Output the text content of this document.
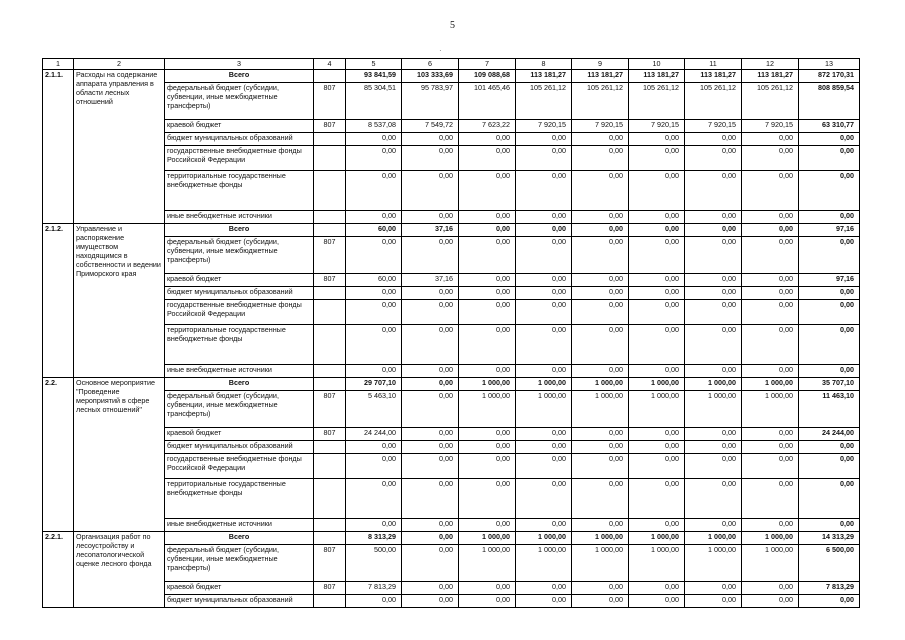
5
·
1	2	3	4	5	6	7	8	9	10	11	12	13
2.1.1.	Расходы на содержание аппарата управления в области лесных отношений	Всего		93 841,59	103 333,69	109 088,68	113 181,27	113 181,27	113 181,27	113 181,27	113 181,27	872 170,31
		федеральный бюджет (субсидии, субвенции, иные межбюджетные трансферты)	807	85 304,51	95 783,97	101 465,46	105 261,12	105 261,12	105 261,12	105 261,12	105 261,12	808 859,54
		краевой бюджет	807	8 537,08	7 549,72	7 623,22	7 920,15	7 920,15	7 920,15	7 920,15	7 920,15	63 310,77
		бюджет муниципальных образований		0,00	0,00	0,00	0,00	0,00	0,00	0,00	0,00	0,00
		государственные внебюджетные фонды Российской Федерации		0,00	0,00	0,00	0,00	0,00	0,00	0,00	0,00	0,00
		территориальные государственные внебюджетные фонды		0,00	0,00	0,00	0,00	0,00	0,00	0,00	0,00	0,00
		иные внебюджетные источники		0,00	0,00	0,00	0,00	0,00	0,00	0,00	0,00	0,00
2.1.2.	Управление и распоряжение имуществом находящимся в собственности и ведении Приморского края	Всего		60,00	37,16	0,00	0,00	0,00	0,00	0,00	0,00	97,16
		федеральный бюджет (субсидии, субвенции, иные межбюджетные трансферты)	807	0,00	0,00	0,00	0,00	0,00	0,00	0,00	0,00	0,00
		краевой бюджет	807	60,00	37,16	0,00	0,00	0,00	0,00	0,00	0,00	97,16
		бюджет муниципальных образований		0,00	0,00	0,00	0,00	0,00	0,00	0,00	0,00	0,00
		государственные внебюджетные фонды Российской Федерации		0,00	0,00	0,00	0,00	0,00	0,00	0,00	0,00	0,00
		территориальные государственные внебюджетные фонды		0,00	0,00	0,00	0,00	0,00	0,00	0,00	0,00	0,00
		иные внебюджетные источники		0,00	0,00	0,00	0,00	0,00	0,00	0,00	0,00	0,00
2.2.	Основное мероприятие "Проведение мероприятий в сфере лесных отношений"	Всего		29 707,10	0,00	1 000,00	1 000,00	1 000,00	1 000,00	1 000,00	1 000,00	35 707,10
		федеральный бюджет (субсидии, субвенции, иные межбюджетные трансферты)	807	5 463,10	0,00	1 000,00	1 000,00	1 000,00	1 000,00	1 000,00	1 000,00	11 463,10
		краевой бюджет	807	24 244,00	0,00	0,00	0,00	0,00	0,00	0,00	0,00	24 244,00
		бюджет муниципальных образований		0,00	0,00	0,00	0,00	0,00	0,00	0,00	0,00	0,00
		государственные внебюджетные фонды Российской Федерации		0,00	0,00	0,00	0,00	0,00	0,00	0,00	0,00	0,00
		территориальные государственные внебюджетные фонды		0,00	0,00	0,00	0,00	0,00	0,00	0,00	0,00	0,00
		иные внебюджетные источники		0,00	0,00	0,00	0,00	0,00	0,00	0,00	0,00	0,00
2.2.1.	Организация работ по лесоустройству и лесопатологической оценке лесного фонда	Всего		8 313,29	0,00	1 000,00	1 000,00	1 000,00	1 000,00	1 000,00	1 000,00	14 313,29
		федеральный бюджет (субсидии, субвенции, иные межбюджетные трансферты)	807	500,00	0,00	1 000,00	1 000,00	1 000,00	1 000,00	1 000,00	1 000,00	6 500,00
		краевой бюджет	807	7 813,29	0,00	0,00	0,00	0,00	0,00	0,00	0,00	7 813,29
		бюджет муниципальных образований		0,00	0,00	0,00	0,00	0,00	0,00	0,00	0,00	0,00
